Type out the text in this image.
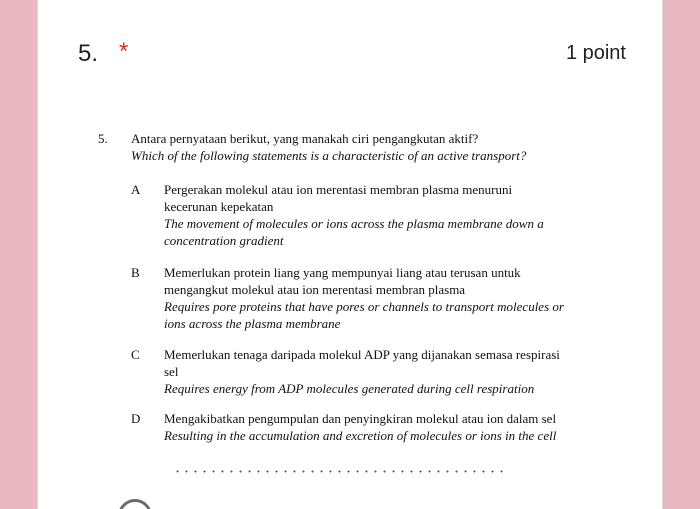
5. *	1 point
5. Antara pernyataan berikut, yang manakah ciri pengangkutan aktif?
Which of the following statements is a characteristic of an active transport?
A Pergerakan molekul atau ion merentasi membran plasma menuruni
kecerunan kepekatan
The movement of molecules or ions across the plasma membrane down a
concentration gradient
B Memerlukan protein liang yang mempunyai liang atau terusan untuk
mengangkut molekul atau ion merentasi membran plasma
Requires pore proteins that have pores or channels to transport molecules or
ions across the plasma membrane
C Memerlukan tenaga daripada molekul ADP yang dijanakan semasa respirasi
sel
Requires energy from ADP molecules generated during cell respiration
D Mengakibatkan pengumpulan dan penyingkiran molekul atau ion dalam sel
Resulting in the accumulation and excretion of molecules or ions in the cell
